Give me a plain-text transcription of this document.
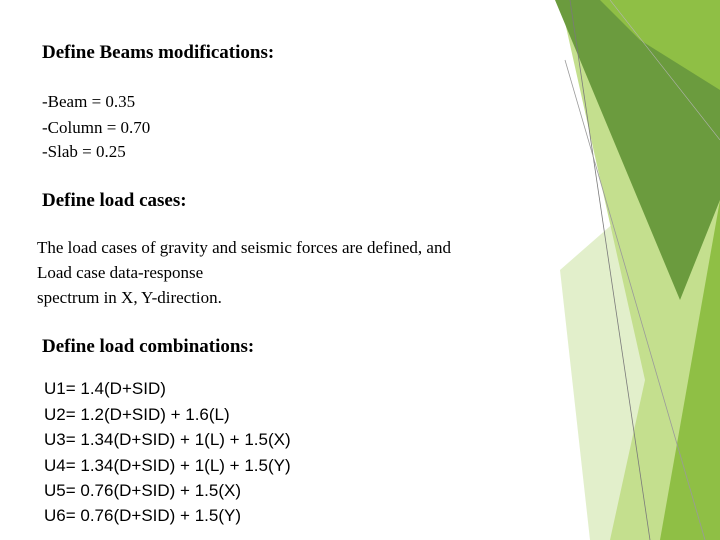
Define Beams modifications:
-Beam = 0.35
-Column = 0.70
-Slab = 0.25
Define load cases:
The load cases of gravity and seismic forces are defined, and
Load case data-response
spectrum in X, Y-direction.
Define load combinations:
U1= 1.4(D+SID)
U2= 1.2(D+SID) + 1.6(L)
U3= 1.34(D+SID) + 1(L) + 1.5(X)
U4= 1.34(D+SID) + 1(L) + 1.5(Y)
U5= 0.76(D+SID) + 1.5(X)
U6= 0.76(D+SID) + 1.5(Y)
